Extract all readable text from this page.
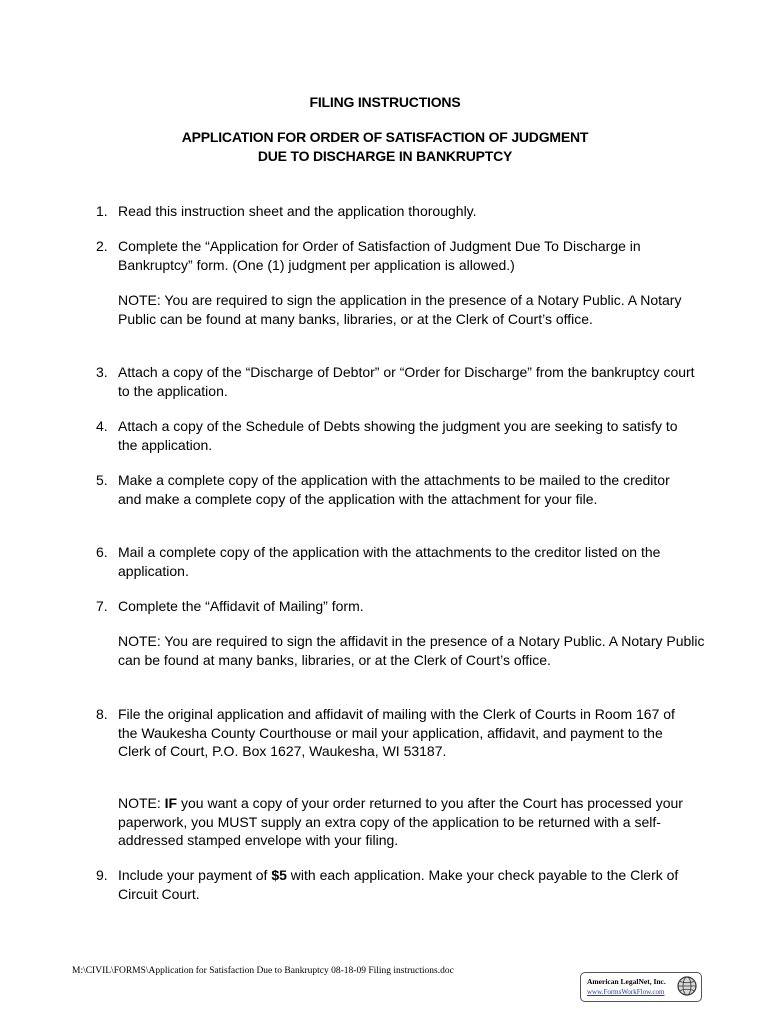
FILING INSTRUCTIONS
APPLICATION FOR ORDER OF SATISFACTION OF JUDGMENT
DUE TO DISCHARGE IN BANKRUPTCY
1. Read this instruction sheet and the application thoroughly.
2. Complete the “Application for Order of Satisfaction of Judgment Due To Discharge in Bankruptcy” form. (One (1) judgment per application is allowed.)
NOTE: You are required to sign the application in the presence of a Notary Public. A Notary Public can be found at many banks, libraries, or at the Clerk of Court’s office.
3. Attach a copy of the “Discharge of Debtor” or “Order for Discharge” from the bankruptcy court to the application.
4. Attach a copy of the Schedule of Debts showing the judgment you are seeking to satisfy to the application.
5. Make a complete copy of the application with the attachments to be mailed to the creditor and make a complete copy of the application with the attachment for your file.
6. Mail a complete copy of the application with the attachments to the creditor listed on the application.
7. Complete the “Affidavit of Mailing” form.
NOTE: You are required to sign the affidavit in the presence of a Notary Public. A Notary Public can be found at many banks, libraries, or at the Clerk of Court’s office.
8. File the original application and affidavit of mailing with the Clerk of Courts in Room 167 of the Waukesha County Courthouse or mail your application, affidavit, and payment to the Clerk of Court, P.O. Box 1627, Waukesha, WI 53187.
NOTE: IF you want a copy of your order returned to you after the Court has processed your paperwork, you MUST supply an extra copy of the application to be returned with a self-addressed stamped envelope with your filing.
9. Include your payment of $5 with each application. Make your check payable to the Clerk of Circuit Court.
M:\CIVIL\FORMS\Application for Satisfaction Due to Bankruptcy 08-18-09 Filing instructions.doc
American LegalNet, Inc.
www.FormsWorkFlow.com
